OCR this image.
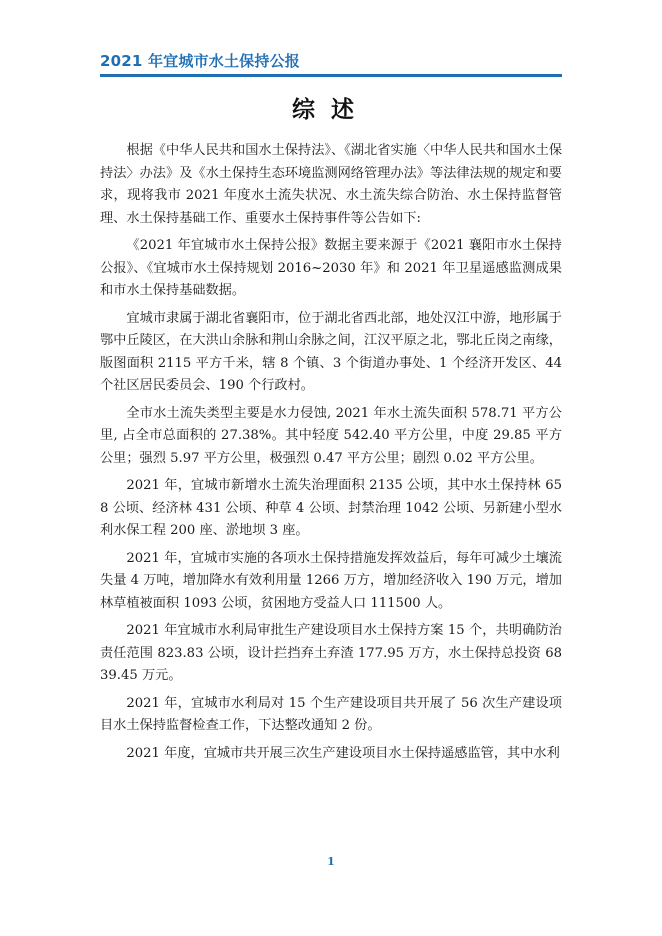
2021 年宜城市水土保持公报
综述

根据《中华人民共和国水土保持法》、《湖北省实施〈中华人民共和国水土保持法〉办法》及《水土保持生态环境监测网络管理办法》等法律法规的规定和要求，现将我市 2021 年度水土流失状况、水土流失综合防治、水土保持监督管理、水土保持基础工作、重要水土保持事件等公告如下:

《2021 年宜城市水土保持公报》数据主要来源于《2021 襄阳市水土保持公报》、《宜城市水土保持规划 2016~2030 年》和 2021 年卫星遥感监测成果和市水土保持基础数据。

宜城市隶属于湖北省襄阳市，位于湖北省西北部，地处汉江中游，地形属于鄂中丘陵区，在大洪山余脉和荆山余脉之间，江汉平原之北，鄂北丘岗之南缘，版图面积 2115 平方千米，辖 8 个镇、3 个街道办事处、1 个经济开发区、44 个社区居民委员会、190 个行政村。

全市水土流失类型主要是水力侵蚀, 2021 年水土流失面积 578.71 平方公里, 占全市总面积的 27.38%。其中轻度 542.40 平方公里，中度 29.85 平方公里；强烈 5.97 平方公里，极强烈 0.47 平方公里；剧烈 0.02 平方公里。

2021 年，宜城市新增水土流失治理面积 2135 公顷，其中水土保持林 658 公顷、经济林 431 公顷、种草 4 公顷、封禁治理 1042 公顷、另新建小型水利水保工程 200 座、淤地坝 3 座。

2021 年，宜城市实施的各项水土保持措施发挥效益后，每年可减少土壤流失量 4 万吨，增加降水有效利用量 1266 万方，增加经济收入 190 万元，增加林草植被面积 1093 公顷，贫困地方受益人口 111500 人。

2021 年宜城市水利局审批生产建设项目水土保持方案 15 个，共明确防治责任范围 823.83 公顷，设计拦挡弃土弃渣 177.95 万方，水土保持总投资 6839.45 万元。

2021 年，宜城市水利局对 15 个生产建设项目共开展了 56 次生产建设项目水土保持监督检查工作，下达整改通知 2 份。

2021 年度，宜城市共开展三次生产建设项目水土保持遥感监管，其中水利

1
